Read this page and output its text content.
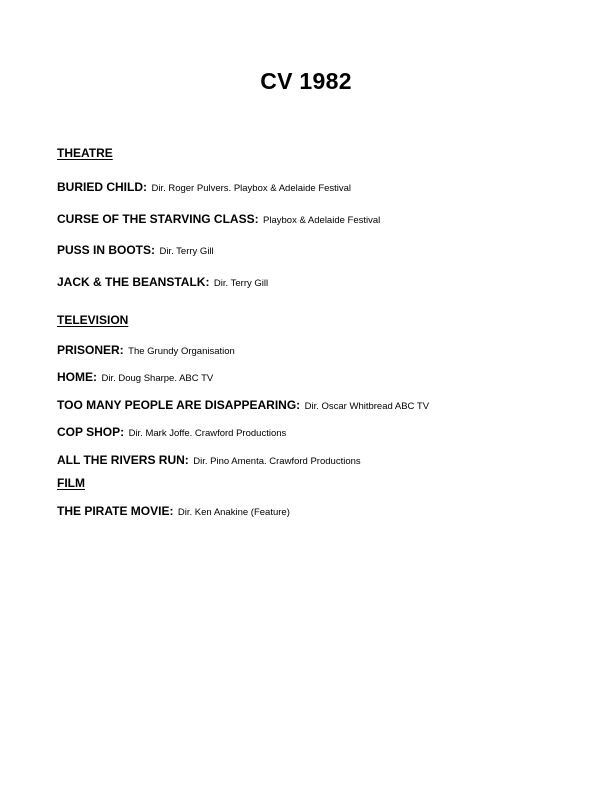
CV 1982
THEATRE
BURIED CHILD: Dir. Roger Pulvers. Playbox & Adelaide Festival
CURSE OF THE STARVING CLASS: Playbox & Adelaide Festival
PUSS IN BOOTS: Dir. Terry Gill
JACK & THE BEANSTALK: Dir. Terry Gill
TELEVISION
PRISONER: The Grundy Organisation
HOME: Dir. Doug Sharpe. ABC TV
TOO MANY PEOPLE ARE DISAPPEARING: Dir. Oscar Whitbread ABC TV
COP SHOP: Dir. Mark Joffe. Crawford Productions
ALL THE RIVERS RUN: Dir. Pino Amenta. Crawford Productions
FILM
THE PIRATE MOVIE: Dir. Ken Anakine (Feature)
